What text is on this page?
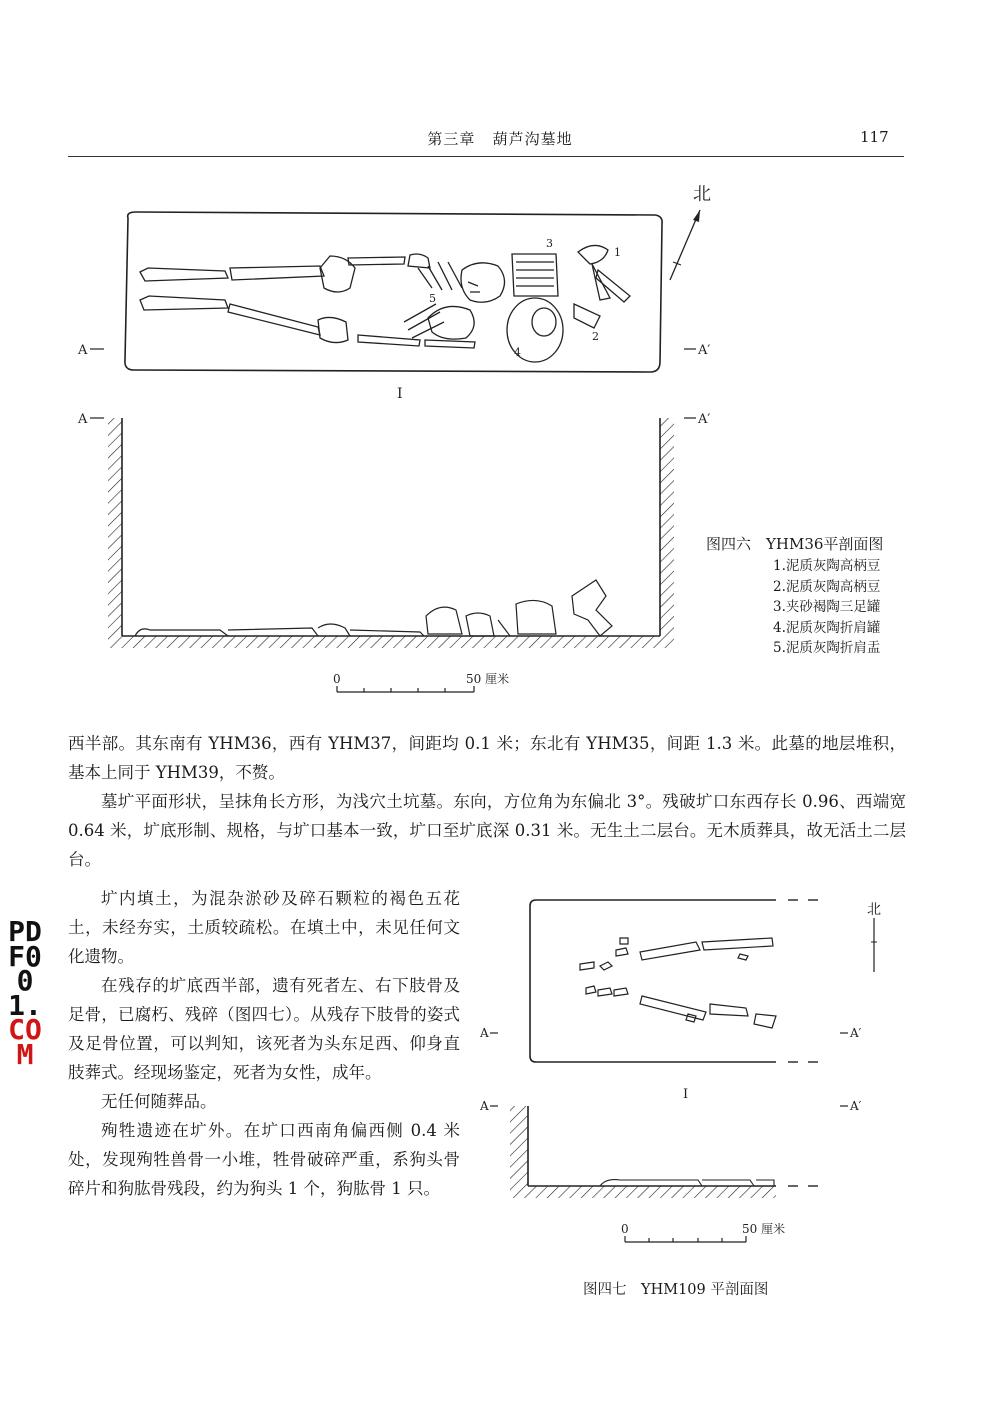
第三章 葫芦沟墓地	117
北
1
2
3
4
5
A	A′
I
A	A′
0	50 厘米
图四六　YHM36平剖面图
1.泥质灰陶高柄豆
2.泥质灰陶高柄豆
3.夹砂褐陶三足罐
4.泥质灰陶折肩罐
5.泥质灰陶折肩盂

西半部。其东南有 YHM36，西有 YHM37，间距均 0.1 米；东北有 YHM35，间距 1.3 米。此墓的地层堆积，基本上同于 YHM39，不赘。

墓圹平面形状，呈抹角长方形，为浅穴土坑墓。东向，方位角为东偏北 3°。残破圹口东西存长 0.96、西端宽 0.64 米，圹底形制、规格，与圹口基本一致，圹口至圹底深 0.31 米。无生土二层台。无木质葬具，故无活土二层台。

圹内填土，为混杂淤砂及碎石颗粒的褐色五花土，未经夯实，土质较疏松。在填土中，未见任何文化遗物。

在残存的圹底西半部，遗有死者左、右下肢骨及足骨，已腐朽、残碎（图四七）。从残存下肢骨的姿式及足骨位置，可以判知，该死者为头东足西、仰身直肢葬式。经现场鉴定，死者为女性，成年。

无任何随葬品。

殉牲遗迹在圹外。在圹口西南角偏西侧 0.4 米处，发现殉牲兽骨一小堆，牲骨破碎严重，系狗头骨碎片和狗肱骨残段，约为狗头 1 个，狗肱骨 1 只。

北
A	A′
I
A	A′
0	50 厘米
图四七　YHM109 平剖面图
PDF001.COM
